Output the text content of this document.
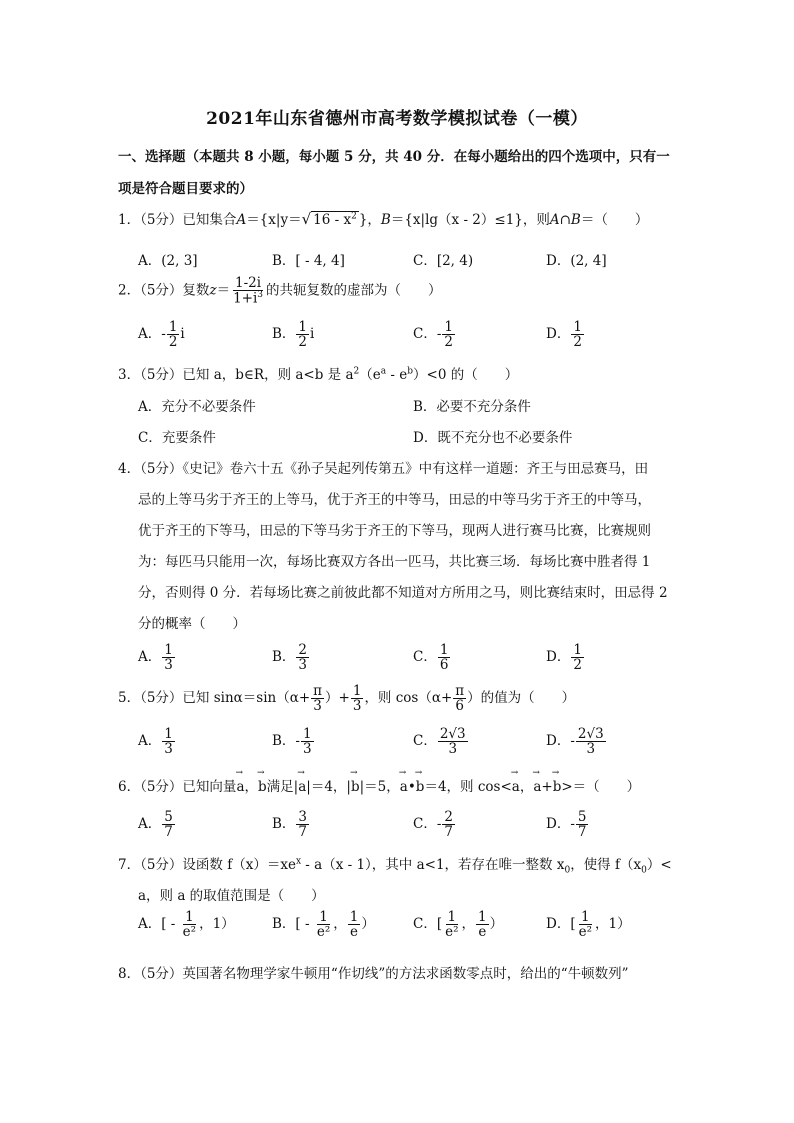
2021年山东省德州市高考数学模拟试卷（一模）
一、选择题（本题共 8 小题，每小题 5 分，共 40 分．在每小题给出的四个选项中，只有一
项是符合题目要求的）
1．（5分）已知集合A＝{x|y＝√ $16 - x^2$ }，B＝{x|lg（x - 2）≤1}，则A∩B＝（　　）
A．(2, 3]	B．[ - 4, 4]	C．[2, 4)	D．(2, 4]
2．（5分）复数$z= \frac{1-2i}{1+i^3}$ 的共轭复数的虚部为（　　）
A．- $\frac{1}{2}$ i	B． $\frac{1}{2}$ i	C．- $\frac{1}{2}$	D． $\frac{1}{2}$
3．（5分）已知 a，b∈R，则 a<b 是 $a^2(e^a - e^b)<0$ 的（　　）
A．充分不必要条件	B．必要不充分条件
C．充要条件	D．既不充分也不必要条件
4．（5分）《史记》卷六十五《孙子吴起列传第五》中有这样一道题：齐王与田忌赛马，田
忌的上等马劣于齐王的上等马，优于齐王的中等马，田忌的中等马劣于齐王的中等马，
优于齐王的下等马，田忌的下等马劣于齐王的下等马，现两人进行赛马比赛，比赛规则
为：每匹马只能用一次，每场比赛双方各出一匹马，共比赛三场．每场比赛中胜者得 1
分，否则得 0 分．若每场比赛之前彼此都不知道对方所用之马，则比赛结束时，田忌得 2
分的概率（　　）
A． $\frac{1}{3}$	B． $\frac{2}{3}$	C． $\frac{1}{6}$	D． $\frac{1}{2}$
5．（5分）已知 $\sin\alpha=\sin(\alpha+ \frac{\pi}{3}$ ）+ $\frac{1}{3}$ ，则 $\cos(\alpha+ \frac{\pi}{6}$ ）的值为（　　）
A． $\frac{1}{3}$	B．- $\frac{1}{3}$	C． $\frac{2√3}{3}$	D．- $\frac{2√3}{3}$
6．（5分）已知向量→ a，→ b满足|→ a|＝4，|→ b|＝5，→ a•→ b＝4，则 cos<→ a，→ a+→ b>＝（　　）
A． $\frac{5}{7}$	B． $\frac{3}{7}$	C．- $\frac{2}{7}$	D．- $\frac{5}{7}$
7．（5分）设函数 $f(x)=xe^x - a(x - 1)$，其中 a<1，若存在唯一整数 $x_0$，使得 $f(x_0)<$
a，则 a 的取值范围是（　　）
A．[ - $\frac{1}{\text{e²}}$ ，1）	B．[ - $\frac{1}{\text{e²}}$ ， $\frac{1}{e}$ ）	C．[ $\frac{1}{\text{e²}}$ ， $\frac{1}{e}$ ）	D．[ $\frac{1}{\text{e²}}$ ，1）
8．（5分）英国著名物理学家牛顿用“作切线”的方法求函数零点时，给出的“牛顿数列”
